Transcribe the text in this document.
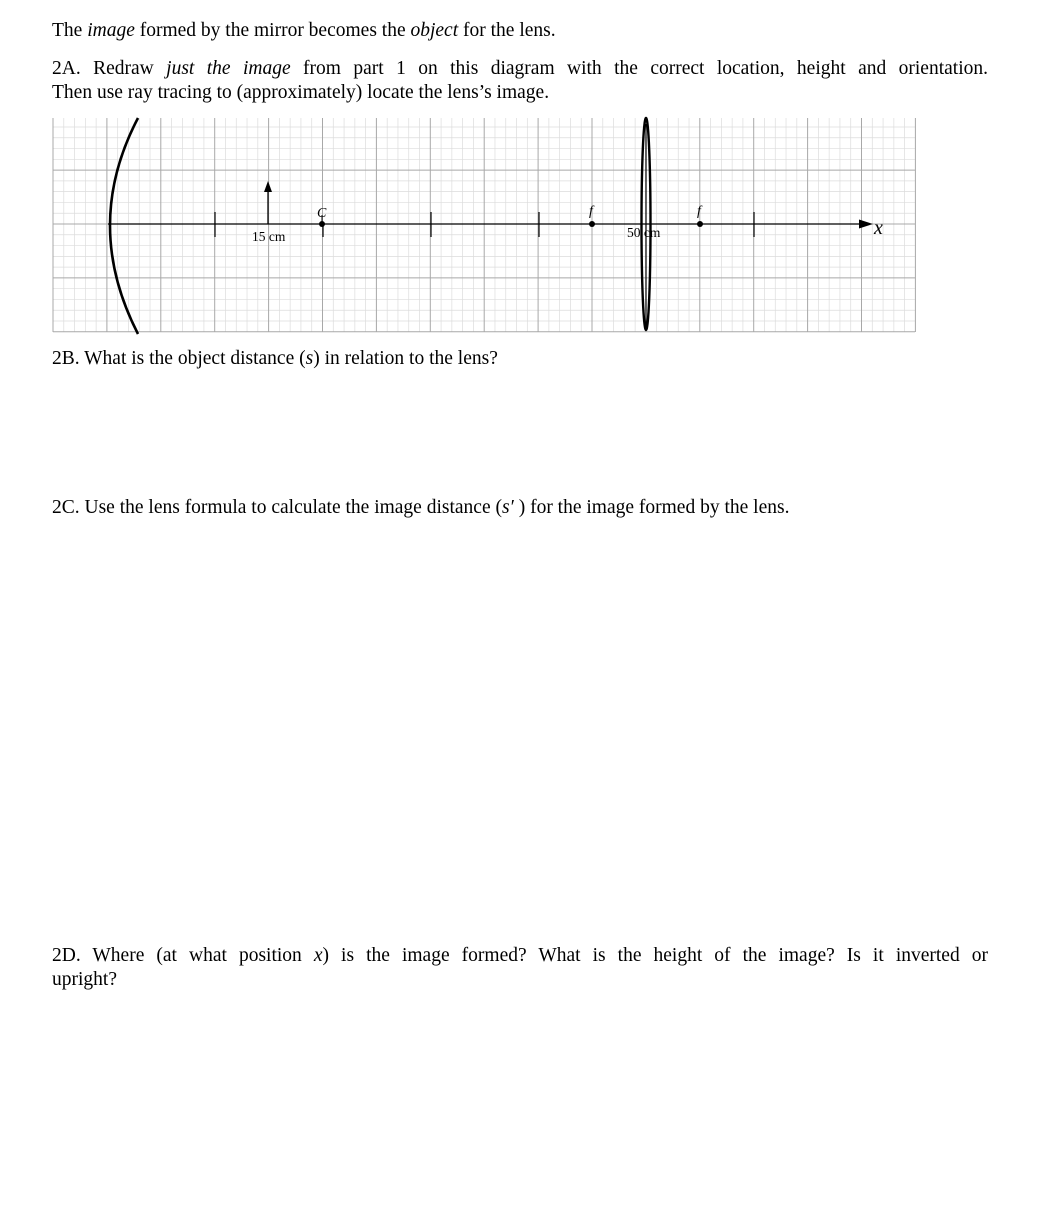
The image formed by the mirror becomes the object for the lens.
2A. Redraw just the image from part 1 on this diagram with the correct location, height and orientation.
Then use ray tracing to (approximately) locate the lens’s image.
15 cm
C	f	f
50 cm	x
2B. What is the object distance (s) in relation to the lens?
2C. Use the lens formula to calculate the image distance (s′ ) for the image formed by the lens.
2D. Where (at what position x) is the image formed? What is the height of the image? Is it inverted or
upright?
